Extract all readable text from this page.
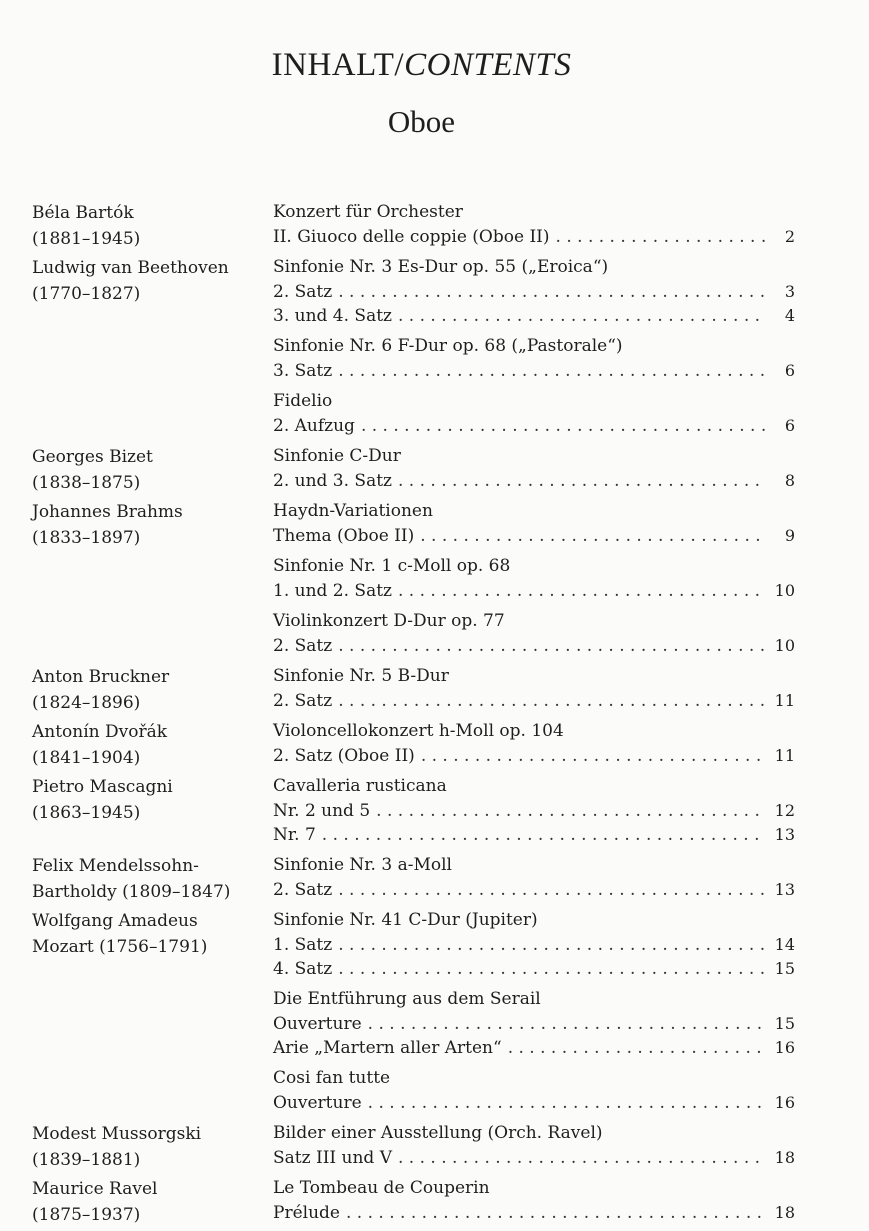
INHALT/CONTENTS
Oboe
Béla Bartók
(1881–1945)
Konzert für Orchester
II. Giuoco delle coppie (Oboe II) . . .	2
Ludwig van Beethoven
(1770–1827)
Sinfonie Nr. 3 Es-Dur op. 55 („Eroica“)
2. Satz . . .	3
3. und 4. Satz . . .	4
Sinfonie Nr. 6 F-Dur op. 68 („Pastorale“)
3. Satz . . .	6
Fidelio
2. Aufzug . . .	6
Georges Bizet
(1838–1875)
Sinfonie C-Dur
2. und 3. Satz . . .	8
Johannes Brahms
(1833–1897)
Haydn-Variationen
Thema (Oboe II) . . .	9
Sinfonie Nr. 1 c-Moll op. 68
1. und 2. Satz . . .	10
Violinkonzert D-Dur op. 77
2. Satz . . .	10
Anton Bruckner
(1824–1896)
Sinfonie Nr. 5 B-Dur
2. Satz . . .	11
Antonín Dvořák
(1841–1904)
Violoncellokonzert h-Moll op. 104
2. Satz (Oboe II) . . .	11
Pietro Mascagni
(1863–1945)
Cavalleria rusticana
Nr. 2 und 5 . . .	12
Nr. 7 . . .	13
Felix Mendelssohn-
Bartholdy (1809–1847)
Sinfonie Nr. 3 a-Moll
2. Satz . . .	13
Wolfgang Amadeus
Mozart (1756–1791)
Sinfonie Nr. 41 C-Dur (Jupiter)
1. Satz . . .	14
4. Satz . . .	15
Die Entführung aus dem Serail
Ouverture . . .	15
Arie „Martern aller Arten“ . . .	16
Cosi fan tutte
Ouverture . . .	16
Modest Mussorgski
(1839–1881)
Bilder einer Ausstellung (Orch. Ravel)
Satz III und V . . .	18
Maurice Ravel
(1875–1937)
Le Tombeau de Couperin
Prélude . . .	18
